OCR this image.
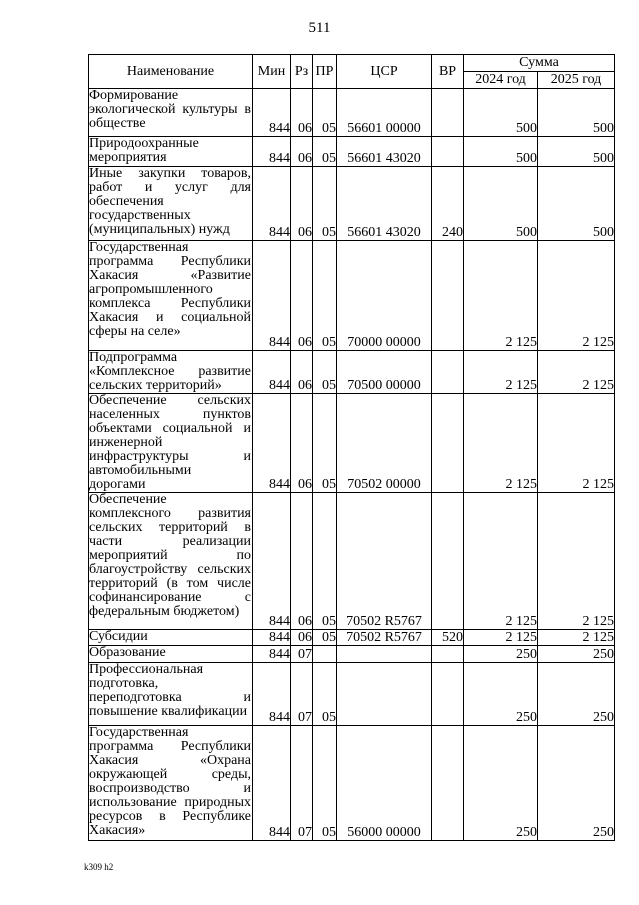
511
Наименование	Мин	Рз	ПР	ЦСР	ВР	Сумма	
						2024 год	2025 год

Формирование экологической культуры в обществе	844	06	05	56601 00000		500	500

Природоохранные мероприятия	844	06	05	56601 43020		500	500

Иные закупки товаров, работ и услуг для обеспечения государственных (муниципальных) нужд	844	06	05	56601 43020	240	500	500

Государственная программа Республики Хакасия «Развитие агропромышленного комплекса Республики Хакасия и социальной сферы на селе»	844	06	05	70000 00000		2 125	2 125

Подпрограмма «Комплексное развитие сельских территорий»	844	06	05	70500 00000		2 125	2 125

Обеспечение сельских населенных пунктов объектами социальной и инженерной инфраструктуры и автомобильными дорогами	844	06	05	70502 00000		2 125	2 125

Обеспечение комплексного развития сельских территорий в части реализации мероприятий по благоустройству сельских территорий (в том числе софинансирование с федеральным бюджетом)	844	06	05	70502 R5767		2 125	2 125

Субсидии	844	06	05	70502 R5767	520	2 125	2 125

Образование	844	07				250	250

Профессиональная подготовка, переподготовка и повышение квалификации	844	07	05			250	250

Государственная программа Республики Хакасия «Охрана окружающей среды, воспроизводство и использование природных ресурсов в Республике Хакасия»	844	07	05	56000 00000		250	250
k309 h2
